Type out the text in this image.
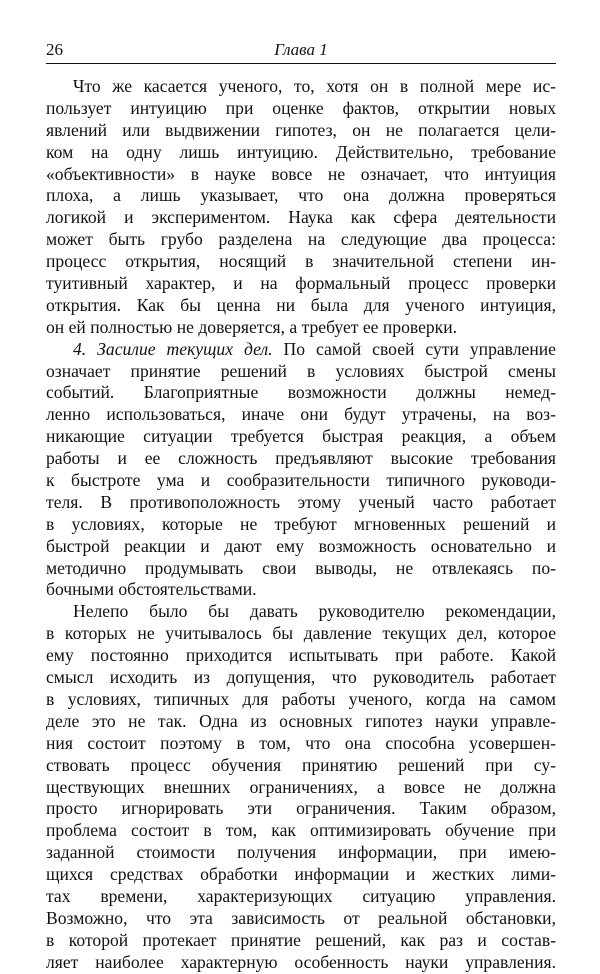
26	Глава 1
Что же касается ученого, то, хотя он в полной мере ис-
пользует интуицию при оценке фактов, открытии новых
явлений или выдвижении гипотез, он не полагается цели-
ком на одну лишь интуицию. Действительно, требование
«объективности» в науке вовсе не означает, что интуиция
плоха, а лишь указывает, что она должна проверяться
логикой и экспериментом. Наука как сфера деятельности
может быть грубо разделена на следующие два процесса:
процесс открытия, носящий в значительной степени ин-
туитивный характер, и на формальный процесс проверки
открытия. Как бы ценна ни была для ученого интуиция,
он ей полностью не доверяется, а требует ее проверки.
4. Засилие текущих дел. По самой своей сути управление
означает принятие решений в условиях быстрой смены
событий. Благоприятные возможности должны немед-
ленно использоваться, иначе они будут утрачены, на воз-
никающие ситуации требуется быстрая реакция, а объем
работы и ее сложность предъявляют высокие требования
к быстроте ума и сообразительности типичного руководи-
теля. В противоположность этому ученый часто работает
в условиях, которые не требуют мгновенных решений и
быстрой реакции и дают ему возможность основательно и
методично продумывать свои выводы, не отвлекаясь по-
бочными обстоятельствами.
Нелепо было бы давать руководителю рекомендации,
в которых не учитывалось бы давление текущих дел, которое
ему постоянно приходится испытывать при работе. Какой
смысл исходить из допущения, что руководитель работает
в условиях, типичных для работы ученого, когда на самом
деле это не так. Одна из основных гипотез науки управле-
ния состоит поэтому в том, что она способна усовершен-
ствовать процесс обучения принятию решений при су-
ществующих внешних ограничениях, а вовсе не должна
просто игнорировать эти ограничения. Таким образом,
проблема состоит в том, как оптимизировать обучение при
заданной стоимости получения информации, при имею-
щихся средствах обработки информации и жестких лими-
тах времени, характеризующих ситуацию управления.
Возможно, что эта зависимость от реальной обстановки,
в которой протекает принятие решений, как раз и состав-
ляет наиболее характерную особенность науки управления.
